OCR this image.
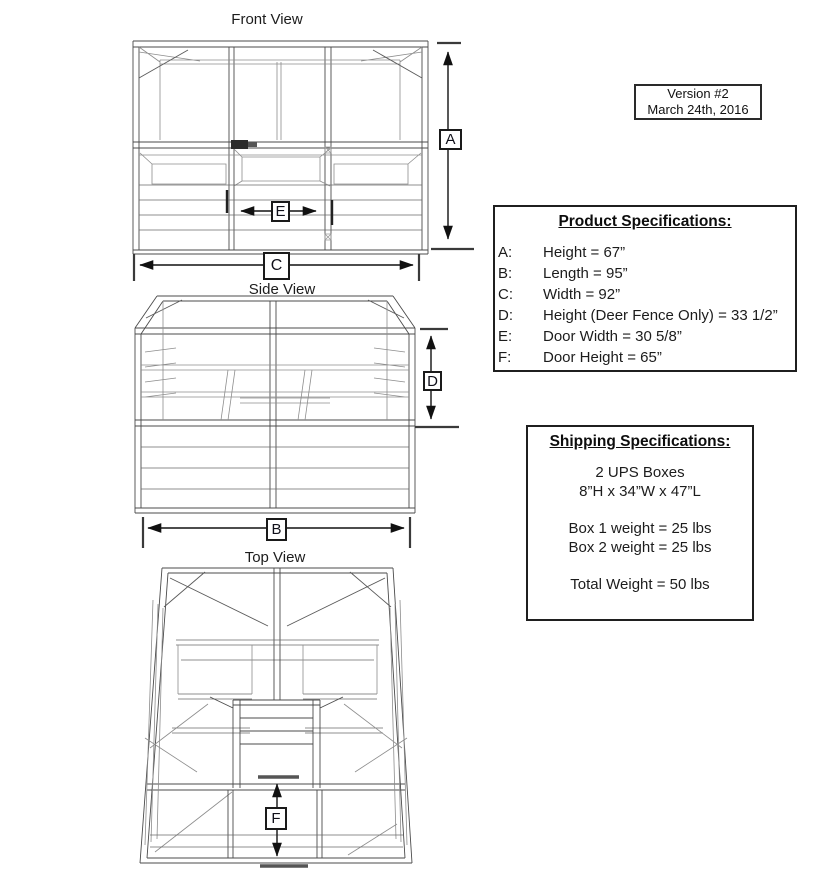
Front View
Side View
Top View
A
C
E
D
B
F
Version #2
March 24th, 2016
Product Specifications:
A:	Height = 67”
B:	Length = 95”
C:	Width = 92”
D:	Height (Deer Fence Only) = 33 1/2”
E:	Door Width = 30 5/8”
F:	Door Height = 65”
Shipping Specifications:
2 UPS Boxes
8”H x 34”W x 47”L
Box 1 weight = 25 lbs
Box 2 weight = 25 lbs
Total Weight = 50 lbs
